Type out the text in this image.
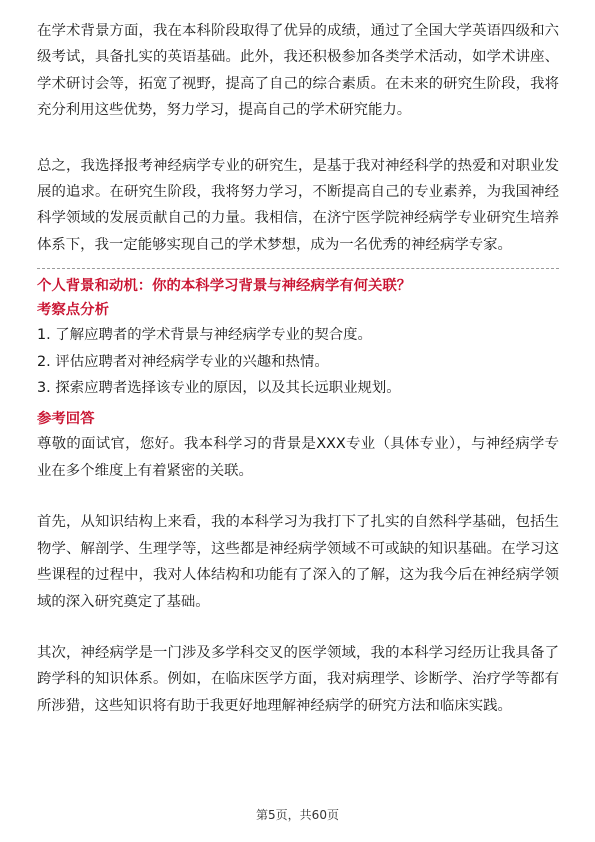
在学术背景方面，我在本科阶段取得了优异的成绩，通过了全国大学英语四级和六级考试，具备扎实的英语基础。此外，我还积极参加各类学术活动，如学术讲座、学术研讨会等，拓宽了视野，提高了自己的综合素质。在未来的研究生阶段，我将充分利用这些优势，努力学习，提高自己的学术研究能力。

总之，我选择报考神经病学专业的研究生，是基于我对神经科学的热爱和对职业发展的追求。在研究生阶段，我将努力学习，不断提高自己的专业素养，为我国神经科学领域的发展贡献自己的力量。我相信，在济宁医学院神经病学专业研究生培养体系下，我一定能够实现自己的学术梦想，成为一名优秀的神经病学专家。

个人背景和动机：你的本科学习背景与神经病学有何关联？

考察点分析

1. 了解应聘者的学术背景与神经病学专业的契合度。

2. 评估应聘者对神经病学专业的兴趣和热情。

3. 探索应聘者选择该专业的原因，以及其长远职业规划。

参考回答

尊敬的面试官，您好。我本科学习的背景是XXX专业（具体专业），与神经病学专业在多个维度上有着紧密的关联。

首先，从知识结构上来看，我的本科学习为我打下了扎实的自然科学基础，包括生物学、解剖学、生理学等，这些都是神经病学领域不可或缺的知识基础。在学习这些课程的过程中，我对人体结构和功能有了深入的了解，这为我今后在神经病学领域的深入研究奠定了基础。

其次，神经病学是一门涉及多学科交叉的医学领域，我的本科学习经历让我具备了跨学科的知识体系。例如，在临床医学方面，我对病理学、诊断学、治疗学等都有所涉猎，这些知识将有助于我更好地理解神经病学的研究方法和临床实践。

第5页，共60页
